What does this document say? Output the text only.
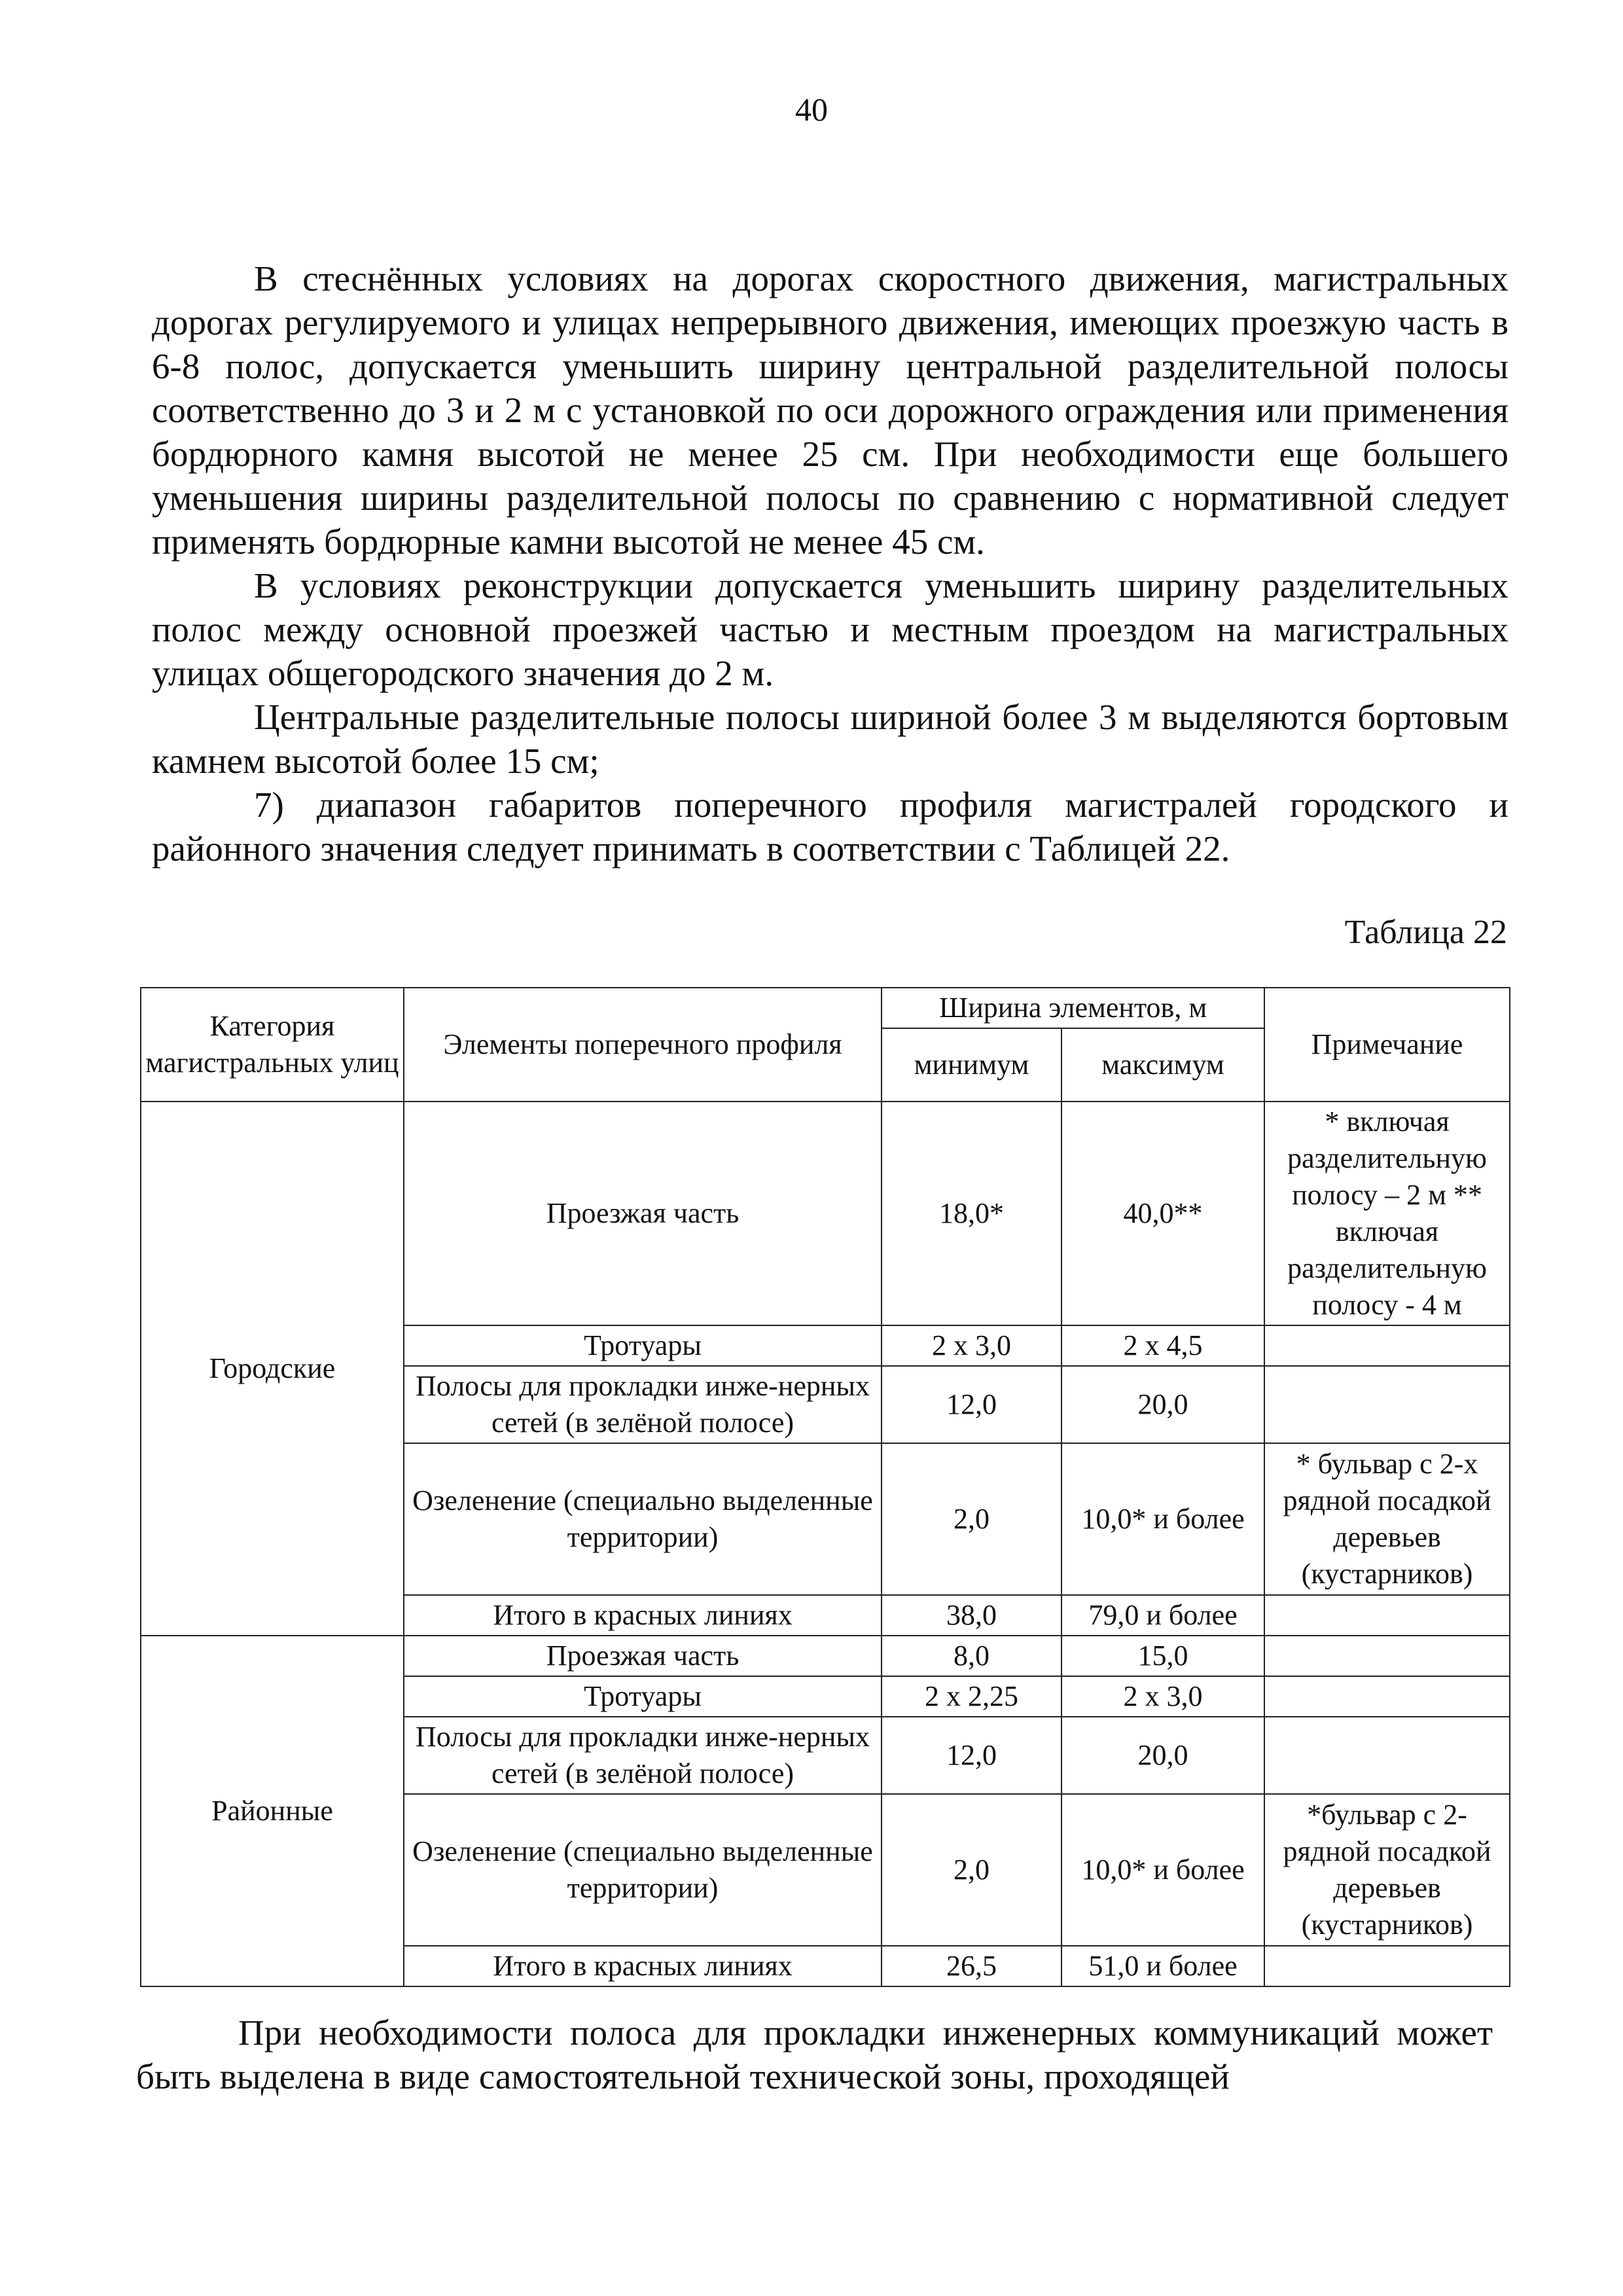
40

В стеснённых условиях на дорогах скоростного движения, магистральных дорогах регулируемого и улицах непрерывного движения, имеющих проезжую часть в 6-8 полос, допускается уменьшить ширину центральной разделительной полосы соответственно до 3 и 2 м с установкой по оси дорожного ограждения или применения бордюрного камня высотой не менее 25 см. При необходимости еще большего уменьшения ширины разделительной полосы по сравнению с нормативной следует применять бордюрные камни высотой не менее 45 см.

В условиях реконструкции допускается уменьшить ширину разделительных полос между основной проезжей частью и местным проездом на магистральных улицах общегородского значения до 2 м.

Центральные разделительные полосы шириной более 3 м выделяются бортовым камнем высотой более 15 см;

7) диапазон габаритов поперечного профиля магистралей городского и районного значения следует принимать в соответствии с Таблицей 22.

Таблица 22
Категория магистральных улиц	Элементы поперечного профиля	Ширина элементов, м		Примечание
		минимум	максимум	
Городские	Проезжая часть	18,0*	40,0**	* включая разделительную полосу – 2 м ** включая разделительную полосу - 4 м
	Тротуары	2 х 3,0	2 х 4,5	
	Полосы для прокладки инже-нерных сетей (в зелёной полосе)	12,0	20,0	
	Озеленение (специально выделенные территории)	2,0	10,0* и более	* бульвар с 2-х рядной посадкой деревьев (кустарников)
	Итого в красных линиях	38,0	79,0 и более	
Районные	Проезжая часть	8,0	15,0	
	Тротуары	2 х 2,25	2 х 3,0	
	Полосы для прокладки инже-нерных сетей (в зелёной полосе)	12,0	20,0	
	Озеленение (специально выделенные территории)	2,0	10,0* и более	*бульвар с 2-рядной посадкой деревьев (кустарников)
	Итого в красных линиях	26,5	51,0 и более	

При необходимости полоса для прокладки инженерных коммуникаций может быть выделена в виде самостоятельной технической зоны, проходящей
